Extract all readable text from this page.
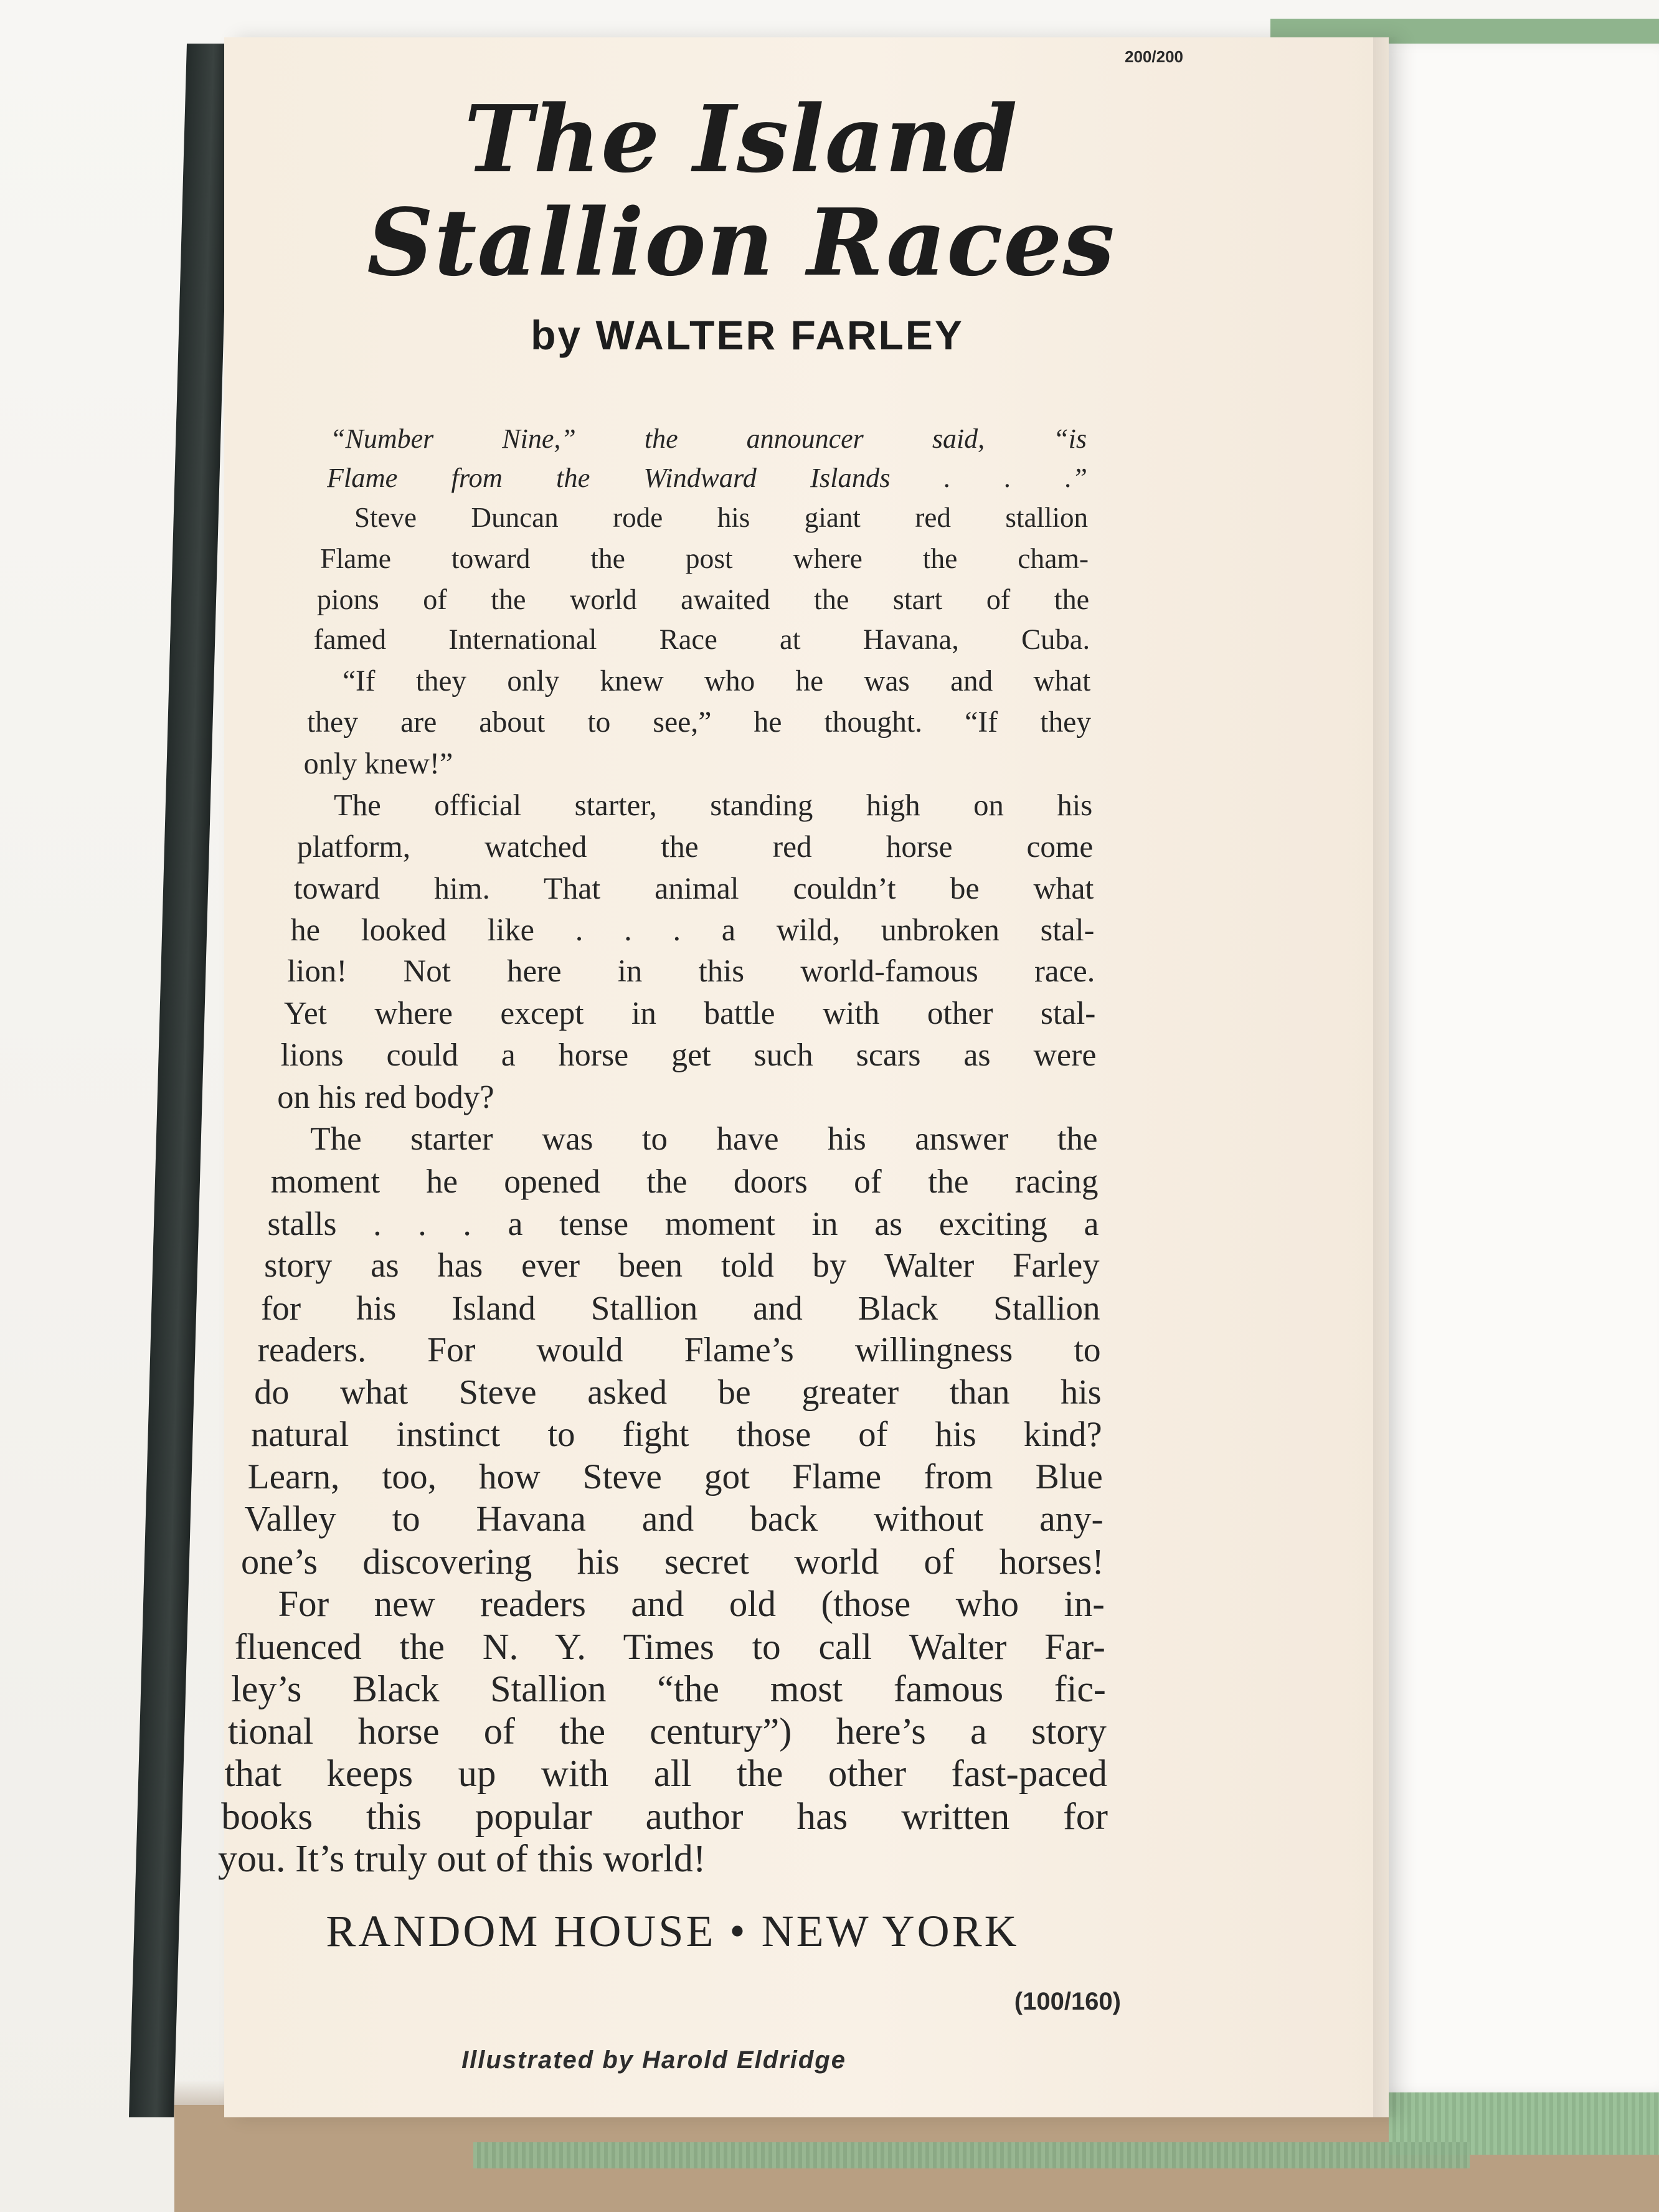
200/200
The Island
Stallion Races
by WALTER FARLEY
“Number Nine,” the announcer said, “is
Flame from the Windward Islands . . .”
Steve Duncan rode his giant red stallion
Flame toward the post where the cham-
pions of the world awaited the start of the
famed International Race at Havana, Cuba.
“If they only knew who he was and what
they are about to see,” he thought. “If they
only knew!”
The official starter, standing high on his
platform, watched the red horse come
toward him. That animal couldn’t be what
he looked like . . . a wild, unbroken stal-
lion! Not here in this world-famous race.
Yet where except in battle with other stal-
lions could a horse get such scars as were
on his red body?
The starter was to have his answer the
moment he opened the doors of the racing
stalls . . . a tense moment in as exciting a
story as has ever been told by Walter Farley
for his Island Stallion and Black Stallion
readers. For would Flame’s willingness to
do what Steve asked be greater than his
natural instinct to fight those of his kind?
Learn, too, how Steve got Flame from Blue
Valley to Havana and back without any-
one’s discovering his secret world of horses!
For new readers and old (those who in-
fluenced the N. Y. Times to call Walter Far-
ley’s Black Stallion “the most famous fic-
tional horse of the century”) here’s a story
that keeps up with all the other fast-paced
books this popular author has written for
you. It’s truly out of this world!
RANDOM HOUSE • NEW YORK
(100/160)
Illustrated by Harold Eldridge
